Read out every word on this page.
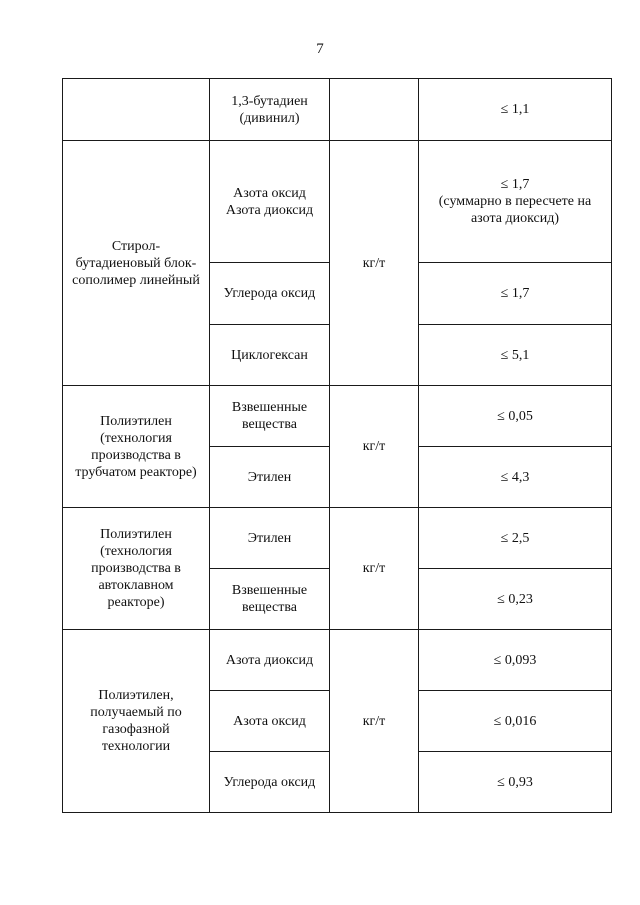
7

	1,3-бутадиен
(дивинил)		≤ 1,1

Стирол-
бутадиеновый блок-
сополимер линейный	Азота оксид
Азота диоксид	кг/т	≤ 1,7
(суммарно в пересчете на
азота диоксид)

	Углерода оксид		≤ 1,7

	Циклогексан		≤ 5,1

Полиэтилен
(технология
производства в
трубчатом реакторе)	Взвешенные
вещества	кг/т	≤ 0,05

	Этилен		≤ 4,3

Полиэтилен
(технология
производства в
автоклавном
реакторе)	Этилен	кг/т	≤ 2,5

	Взвешенные
вещества		≤ 0,23

Полиэтилен,
получаемый по
газофазной
технологии	Азота диоксид	кг/т	≤ 0,093

	Азота оксид		≤ 0,016

	Углерода оксид		≤ 0,93
